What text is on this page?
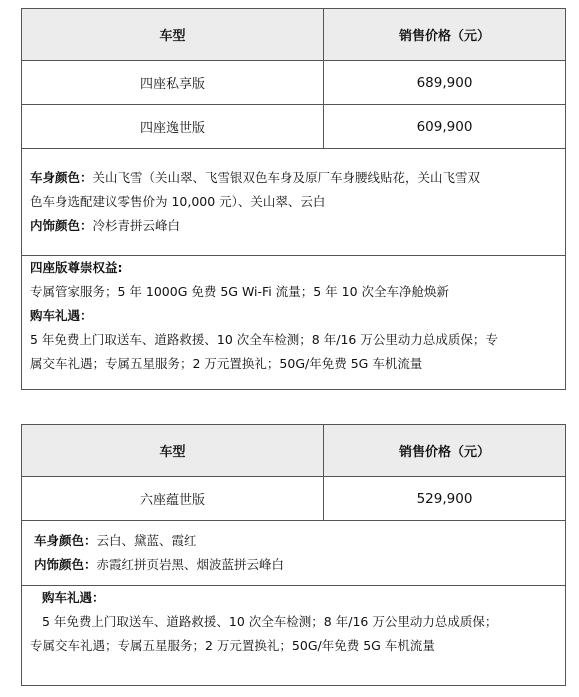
车型	销售价格（元）
四座私享版	689,900
四座逸世版	609,900
车身颜色：关山飞雪（关山翠、飞雪银双色车身及原厂车身腰线贴花，关山飞雪双
色车身选配建议零售价为 10,000 元）、关山翠、云白
内饰颜色：冷杉青拼云峰白
四座版尊崇权益:
专属管家服务；5 年 1000G 免费 5G Wi-Fi 流量；5 年 10 次全车净舱焕新
购车礼遇：
5 年免费上门取送车、道路救援、10 次全车检测；8 年/16 万公里动力总成质保；专
属交车礼遇；专属五星服务；2 万元置换礼；50G/年免费 5G 车机流量
车型	销售价格（元）
六座蕴世版	529,900
车身颜色：云白、黛蓝、霞红
内饰颜色：赤霞红拼页岩黑、烟波蓝拼云峰白
购车礼遇：
5 年免费上门取送车、道路救援、10 次全车检测；8 年/16 万公里动力总成质保；
专属交车礼遇；专属五星服务；2 万元置换礼；50G/年免费 5G 车机流量
